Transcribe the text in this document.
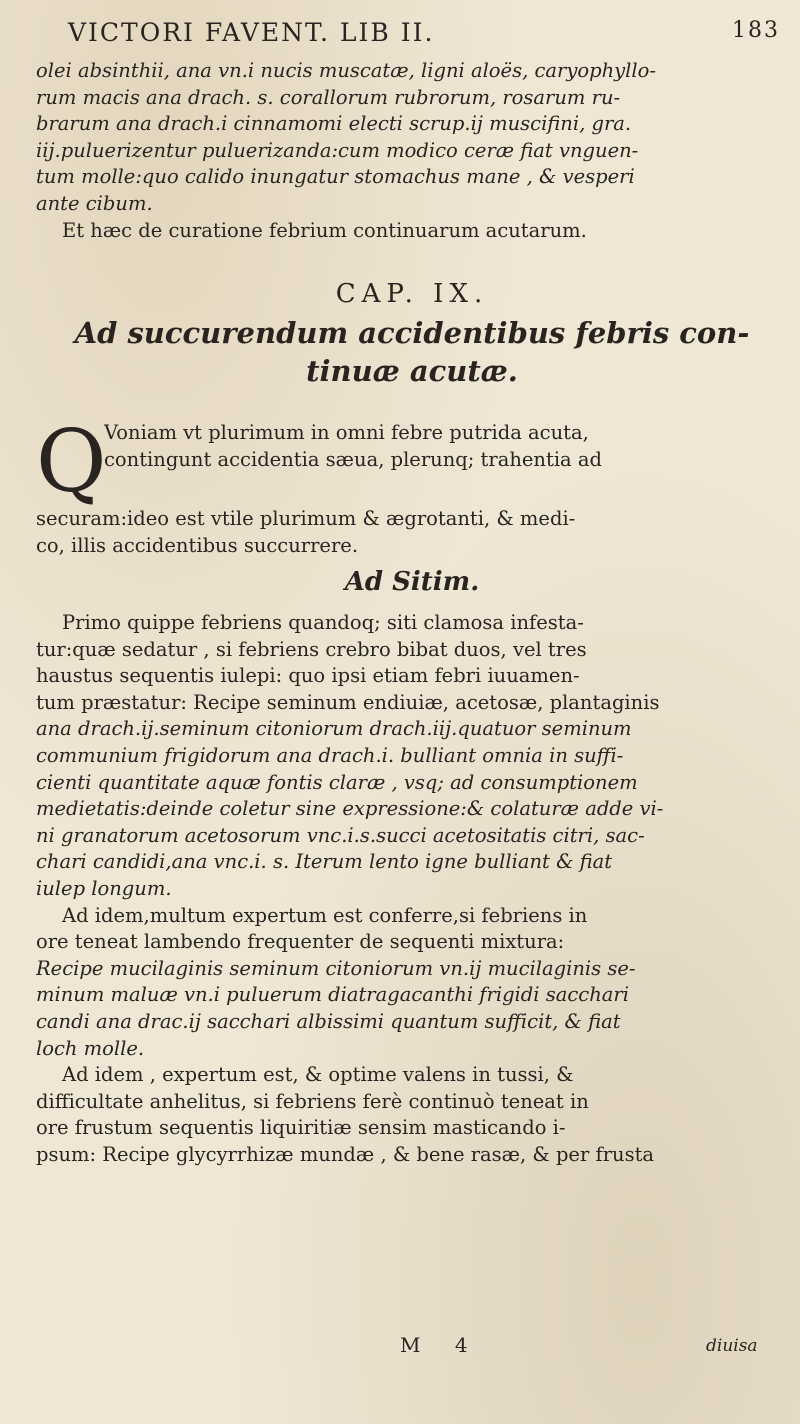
VICTORI FAVENT. LIB II.	183
olei absinthii, ana vn.i nucis muscatæ, ligni aloës, caryophyllo-
rum macis ana drach. s. corallorum rubrorum, rosarum ru-
brarum ana drach.i cinnamomi electi scrup.ij muscifini, gra.
iij.puluerizentur puluerizanda:cum modico ceræ fiat vnguen-
tum molle:quo calido inungatur stomachus mane , & vesperi
ante cibum.
Et hæc de curatione febrium continuarum acutarum.
CAP. IX.
Ad succurendum accidentibus febris con-
tinuæ acutæ.
Q
Voniam vt plurimum in omni febre putrida acuta,
contingunt accidentia sæua, plerunq; trahentia ad
securam:ideo est vtile plurimum & ægrotanti, & medi-
co, illis accidentibus succurrere.
Ad Sitim.
Primo quippe febriens quandoq; siti clamosa infesta-
tur:quæ sedatur , si febriens crebro bibat duos, vel tres
haustus sequentis iulepi: quo ipsi etiam febri iuuamen-
tum præstatur: Recipe seminum endiuiæ, acetosæ, plantaginis
ana drach.ij.seminum citoniorum drach.iij.quatuor seminum
communium frigidorum ana drach.i. bulliant omnia in suffi-
cienti quantitate aquæ fontis claræ , vsq; ad consumptionem
medietatis:deinde coletur sine expressione:& colaturæ adde vi-
ni granatorum acetosorum vnc.i.s.succi acetositatis citri, sac-
chari candidi,ana vnc.i. s. Iterum lento igne bulliant & fiat
iulep longum.
Ad idem,multum expertum est conferre,si febriens in
ore teneat lambendo frequenter de sequenti mixtura:
Recipe mucilaginis seminum citoniorum vn.ij mucilaginis se-
minum maluæ vn.i puluerum diatragacanthi frigidi sacchari
candi ana drac.ij sacchari albissimi quantum sufficit, & fiat
loch molle.
Ad idem , expertum est, & optime valens in tussi, &
difficultate anhelitus, si febriens ferè continuò teneat in
ore frustum sequentis liquiritiæ sensim masticando i-
psum: Recipe glycyrrhizæ mundæ , & bene rasæ, & per frusta
M 4	diuisa
